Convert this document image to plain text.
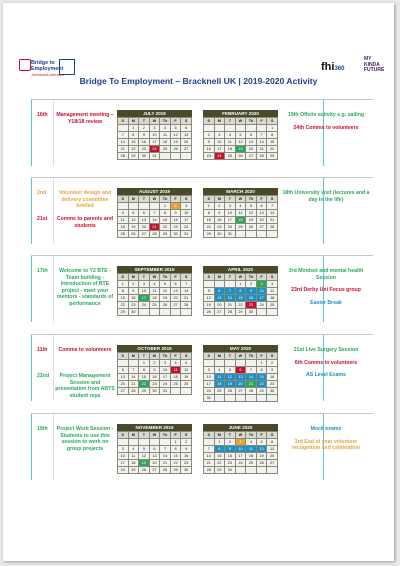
Bridge to
Employment
Johnson&Johnson
fhi360
MY
KINDA
FUTURE
Bridge To Employment – Bracknell UK | 2019-2020 Activity
16th Management meeting – Y18/18 review
JULY 2019
S	M	T	W	Th	F	S
	1	2	3	4	5	6
7	8	9	10	11	12	13
14	15	16	17	18	19	20
21	22	23	24	25	26	27
28	29	30	31			
FEBRUARY 2020
S	M	T	W	Th	F	S
						1
2	3	4	5	6	7	8
9	10	11	12	13	14	15
16	17	18	19	20	21	22
23	24	25	26	27	28	29
19th Offsite activity e.g. sailing
24th Comms to volunteers
2nd	Volunteer design and delivery committee briefed
21st	Comms to parents and students
AUGUST 2019
S	M	T	W	Th	F	S
				1	2	3
4	5	6	7	8	9	10
11	12	13	14	15	16	17
18	19	20	21	22	23	24
25	26	27	28	29	30	31
MARCH 2020
S	M	T	W	Th	F	S
1	2	3	4	5	6	7
8	9	10	11	12	13	14
15	16	17	18	19	20	21
22	23	24	25	26	27	28
29	30	31				
18th University visit (lectures and a day in the life)
17th	Welcome to Y2 BTE -Team building - Introduction of BTE project - meet your mentors - standards of performance
SEPTEMBER 2019
S	M	T	W	Th	F	S
1	2	3	4	5	6	7
8	9	10	11	12	13	14
15	16	17	18	19	20	21
22	23	24	25	26	27	28
29	30					
APRIL 2020
S	M	T	W	Th	F	S
			1	2	3	4
5	6	7	8	9	10	11
12	13	14	15	16	17	18
19	20	21	22	23	24	25
26	27	28	29	30		
3rd Mindset and mental health Session
23rd Derby Uni Focus group
Easter Break
11th	Comms to volunteers
22nd	Project Management Session and presentation from ABTS student reps
OCTOBER 2019
S	M	T	W	Th	F	S
		1	2	3	4	5
6	7	8	9	10	11	12
13	14	15	16	17	18	19
20	21	22	23	24	25	26
27	28	29	30	31		
MAY 2020
S	M	T	W	Th	F	S
					1	2
3	4	5	6	7	8	9
10	11	12	13	14	15	16
17	18	19	20	21	22	23
24	25	26	27	28	29	30
31						
21st Live Surgery Session
6th Comms to volunteers
AS Level Exams
19th	Project Work Session -Students to use this session to work on group projects
NOVEMBER 2019
S	M	T	W	Th	F	S
					1	2
3	4	5	6	7	8	9
10	11	12	13	14	15	16
17	18	19	20	21	22	23
24	25	26	27	28	29	30
JUNE 2020
S	M	T	W	Th	F	S
	1	2	3	4	5	6
7	8	9	10	11	12	13
14	15	16	17	18	19	20
21	22	23	24	25	26	27
28	29	30				
Mock exams
3rd End of year volunteer recognition and celebration
